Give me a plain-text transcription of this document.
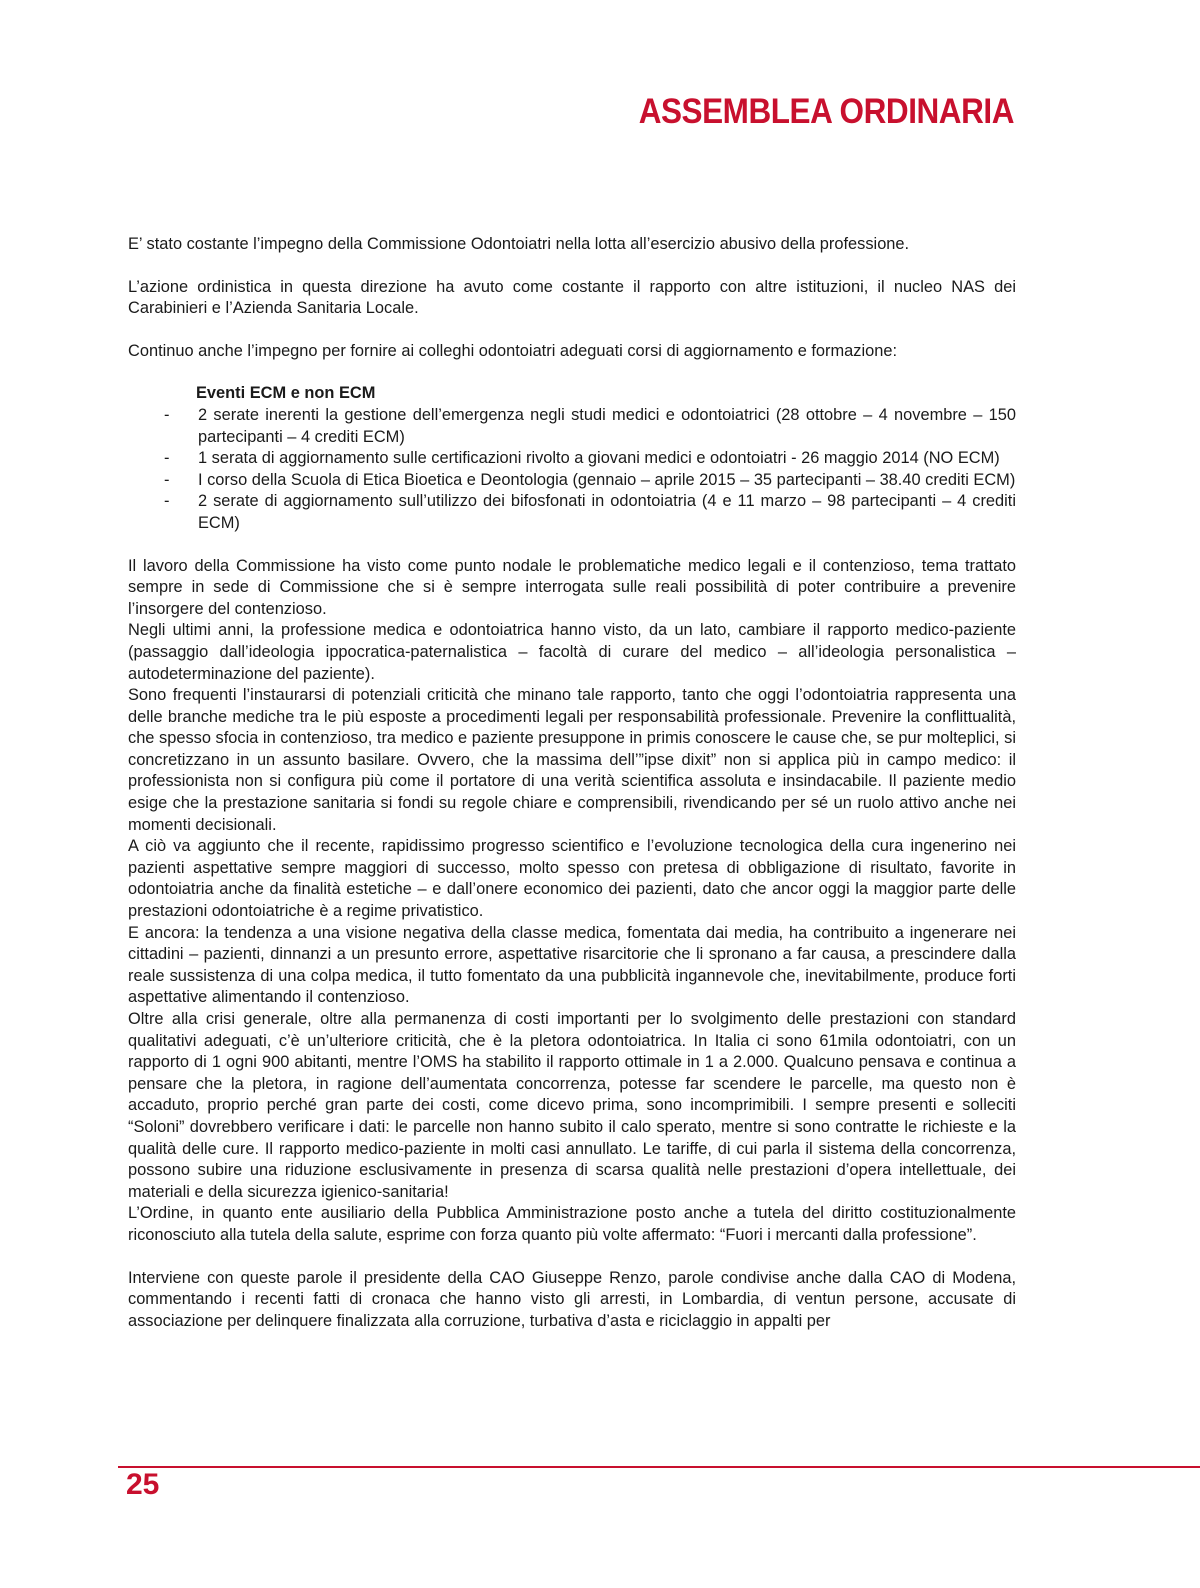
ASSEMBLEA ORDINARIA

E’ stato costante l’impegno della Commissione Odontoiatri nella lotta all’esercizio abusivo della professione.

L’azione ordinistica in questa direzione ha avuto come costante il rapporto con altre istituzioni, il nucleo NAS dei Carabinieri e l’Azienda Sanitaria Locale.

Continuo anche l’impegno per fornire ai colleghi odontoiatri adeguati corsi di aggiornamento e formazione:

Eventi ECM e non ECM
- 2 serate inerenti la gestione dell’emergenza negli studi medici e odontoiatrici (28 ottobre – 4 novembre – 150 partecipanti – 4 crediti ECM)
- 1 serata di aggiornamento sulle certificazioni rivolto a giovani medici e odontoiatri - 26 maggio 2014 (NO ECM)
- I corso della Scuola di Etica Bioetica e Deontologia (gennaio – aprile 2015 – 35 partecipanti – 38.40 crediti ECM)
- 2 serate di aggiornamento sull’utilizzo dei bifosfonati in odontoiatria (4 e 11 marzo – 98 partecipanti – 4 crediti ECM)

Il lavoro della Commissione ha visto come punto nodale le problematiche medico legali e il contenzioso, tema trattato sempre in sede di Commissione che si è sempre interrogata sulle reali possibilità di poter contribuire a prevenire l’insorgere del contenzioso.

Negli ultimi anni, la professione medica e odontoiatrica hanno visto, da un lato, cambiare il rapporto medico-paziente (passaggio dall’ideologia ippocratica-paternalistica – facoltà di curare del medico – all’ideologia personalistica – autodeterminazione del paziente).

Sono frequenti l’instaurarsi di potenziali criticità che minano tale rapporto, tanto che oggi l’odontoiatria rappresenta una delle branche mediche tra le più esposte a procedimenti legali per responsabilità professionale. Prevenire la conflittualità, che spesso sfocia in contenzioso, tra medico e paziente presuppone in primis conoscere le cause che, se pur molteplici, si concretizzano in un assunto basilare. Ovvero, che la massima dell’”ipse dixit” non si applica più in campo medico: il professionista non si configura più come il portatore di una verità scientifica assoluta e insindacabile. Il paziente medio esige che la prestazione sanitaria si fondi su regole chiare e comprensibili, rivendicando per sé un ruolo attivo anche nei momenti decisionali.

A ciò va aggiunto che il recente, rapidissimo progresso scientifico e l’evoluzione tecnologica della cura ingenerino nei pazienti aspettative sempre maggiori di successo, molto spesso con pretesa di obbligazione di risultato, favorite in odontoiatria anche da finalità estetiche – e dall’onere economico dei pazienti, dato che ancor oggi la maggior parte delle prestazioni odontoiatriche è a regime privatistico.

E ancora: la tendenza a una visione negativa della classe medica, fomentata dai media, ha contribuito a ingenerare nei cittadini – pazienti, dinnanzi a un presunto errore, aspettative risarcitorie che li spronano a far causa, a prescindere dalla reale sussistenza di una colpa medica, il tutto fomentato da una pubblicità ingannevole che, inevitabilmente, produce forti aspettative alimentando il contenzioso.

Oltre alla crisi generale, oltre alla permanenza di costi importanti per lo svolgimento delle prestazioni con standard qualitativi adeguati, c’è un’ulteriore criticità, che è la pletora odontoiatrica. In Italia ci sono 61mila odontoiatri, con un rapporto di 1 ogni 900 abitanti, mentre l’OMS ha stabilito il rapporto ottimale in 1 a 2.000. Qualcuno pensava e continua a pensare che la pletora, in ragione dell’aumentata concorrenza, potesse far scendere le parcelle, ma questo non è accaduto, proprio perché gran parte dei costi, come dicevo prima, sono incomprimibili. I sempre presenti e solleciti “Soloni” dovrebbero verificare i dati: le parcelle non hanno subito il calo sperato, mentre si sono contratte le richieste e la qualità delle cure. Il rapporto medico-paziente in molti casi annullato. Le tariffe, di cui parla il sistema della concorrenza, possono subire una riduzione esclusivamente in presenza di scarsa qualità nelle prestazioni d’opera intellettuale, dei materiali e della sicurezza igienico-sanitaria!

L’Ordine, in quanto ente ausiliario della Pubblica Amministrazione posto anche a tutela del diritto costituzionalmente riconosciuto alla tutela della salute, esprime con forza quanto più volte affermato: “Fuori i mercanti dalla professione”.

Interviene con queste parole il presidente della CAO Giuseppe Renzo, parole condivise anche dalla CAO di Modena, commentando i recenti fatti di cronaca che hanno visto gli arresti, in Lombardia, di ventun persone, accusate di associazione per delinquere finalizzata alla corruzione, turbativa d’asta e riciclaggio in appalti per

25
